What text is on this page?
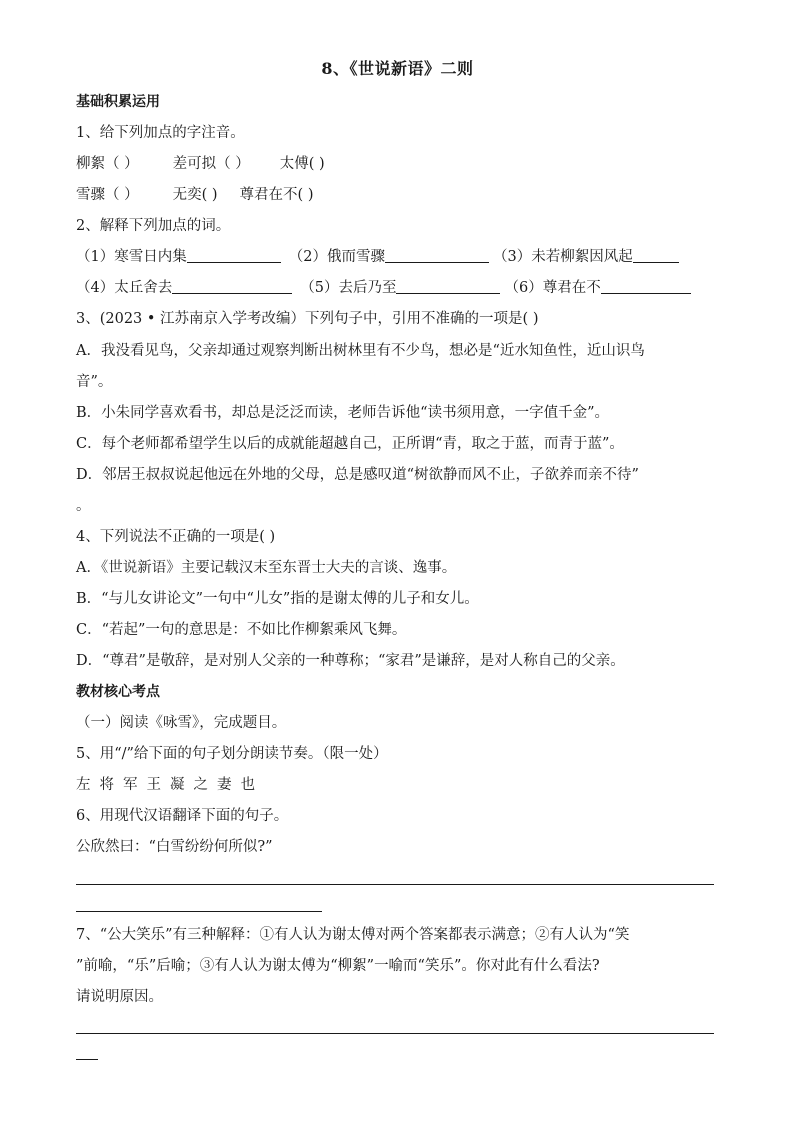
8、《世说新语》二则
基础积累运用
1、给下列加点的字注音。
柳絮（ ） 差可拟（ ） 太傅( )
雪骤（ ） 无奕( ) 尊君在不( )
2、解释下列加点的词。
（1）寒雪日内集	（2）俄而雪骤	（3）未若柳絮因风起
（4）太丘舍去	（5）去后乃至	（6）尊君在不
3、(2023 • 江苏南京入学考改编）下列句子中，引用不准确的一项是( )
A．我没看见鸟，父亲却通过观察判断出树林里有不少鸟，想必是“近水知鱼性，近山识鸟
音”。
B．小朱同学喜欢看书，却总是泛泛而读，老师告诉他“读书须用意，一字值千金”。
C．每个老师都希望学生以后的成就能超越自己，正所谓“青，取之于蓝，而青于蓝”。
D．邻居王叔叔说起他远在外地的父母，总是感叹道“树欲静而风不止，子欲养而亲不待”
。
4、下列说法不正确的一项是( )
A．《世说新语》主要记载汉末至东晋士大夫的言谈、逸事。
B．“与儿女讲论文”一句中“儿女”指的是谢太傅的儿子和女儿。
C．“若起”一句的意思是：不如比作柳絮乘风飞舞。
D．“尊君”是敬辞，是对别人父亲的一种尊称；“家君”是谦辞，是对人称自己的父亲。
教材核心考点
（一）阅读《咏雪》，完成题目。
5、用“/”给下面的句子划分朗读节奏。（限一处）
左将军王凝之妻也
6、用现代汉语翻译下面的句子。
公欣然曰：“白雪纷纷何所似?”
7、“公大笑乐”有三种解释：①有人认为谢太傅对两个答案都表示满意；②有人认为“笑
”前喻，“乐”后喻；③有人认为谢太傅为“柳絮”一喻而“笑乐”。你对此有什么看法?
请说明原因。
